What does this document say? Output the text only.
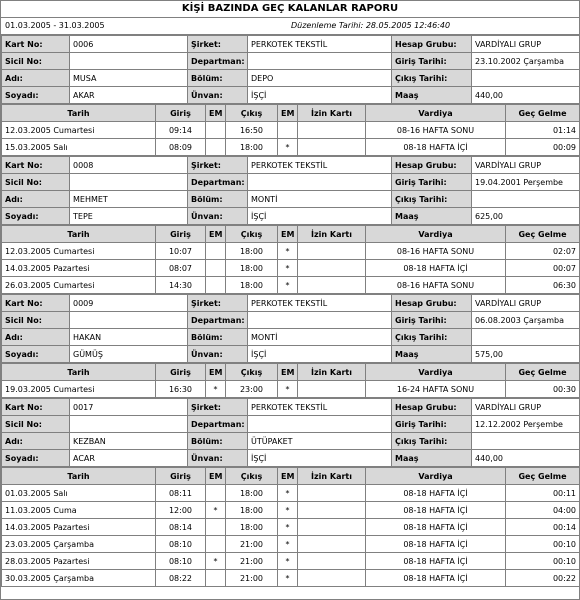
KİŞİ BAZINDA GEÇ KALANLAR RAPORU
01.03.2005 - 31.03.2005	Düzenleme Tarihi: 28.05.2005 12:46:40
Kart No:	0006	Şirket:	PERKOTEK TEKSTİL	Hesap Grubu:	VARDİYALI GRUP
Sicil No:		Departman:		Giriş Tarihi:	23.10.2002 Çarşamba
Adı:	MUSA	Bölüm:	DEPO	Çıkış Tarihi:	
Soyadı:	AKAR	Ünvan:	İŞÇİ	Maaş	440,00
Tarih	Giriş	EM	Çıkış	EM	İzin Kartı	Vardiya	Geç Gelme
12.03.2005 Cumartesi	09:14		16:50			08-16 HAFTA SONU	01:14
15.03.2005 Salı	08:09		18:00	*		08-18 HAFTA İÇİ	00:09
Kart No:	0008	Şirket:	PERKOTEK TEKSTİL	Hesap Grubu:	VARDİYALI GRUP
Sicil No:		Departman:		Giriş Tarihi:	19.04.2001 Perşembe
Adı:	MEHMET	Bölüm:	MONTİ	Çıkış Tarihi:	
Soyadı:	TEPE	Ünvan:	İŞÇİ	Maaş	625,00
Tarih	Giriş	EM	Çıkış	EM	İzin Kartı	Vardiya	Geç Gelme
12.03.2005 Cumartesi	10:07		18:00	*		08-16 HAFTA SONU	02:07
14.03.2005 Pazartesi	08:07		18:00	*		08-18 HAFTA İÇİ	00:07
26.03.2005 Cumartesi	14:30		18:00	*		08-16 HAFTA SONU	06:30
Kart No:	0009	Şirket:	PERKOTEK TEKSTİL	Hesap Grubu:	VARDİYALI GRUP
Sicil No:		Departman:		Giriş Tarihi:	06.08.2003 Çarşamba
Adı:	HAKAN	Bölüm:	MONTİ	Çıkış Tarihi:	
Soyadı:	GÜMÜŞ	Ünvan:	İŞÇİ	Maaş	575,00
Tarih	Giriş	EM	Çıkış	EM	İzin Kartı	Vardiya	Geç Gelme
19.03.2005 Cumartesi	16:30	*	23:00	*		16-24 HAFTA SONU	00:30
Kart No:	0017	Şirket:	PERKOTEK TEKSTİL	Hesap Grubu:	VARDİYALI GRUP
Sicil No:		Departman:		Giriş Tarihi:	12.12.2002 Perşembe
Adı:	KEZBAN	Bölüm:	ÜTÜPAKET	Çıkış Tarihi:	
Soyadı:	ACAR	Ünvan:	İŞÇİ	Maaş	440,00
Tarih	Giriş	EM	Çıkış	EM	İzin Kartı	Vardiya	Geç Gelme
01.03.2005 Salı	08:11		18:00	*		08-18 HAFTA İÇİ	00:11
11.03.2005 Cuma	12:00	*	18:00	*		08-18 HAFTA İÇİ	04:00
14.03.2005 Pazartesi	08:14		18:00	*		08-18 HAFTA İÇİ	00:14
23.03.2005 Çarşamba	08:10		21:00	*		08-18 HAFTA İÇİ	00:10
28.03.2005 Pazartesi	08:10	*	21:00	*		08-18 HAFTA İÇİ	00:10
30.03.2005 Çarşamba	08:22		21:00	*		08-18 HAFTA İÇİ	00:22
